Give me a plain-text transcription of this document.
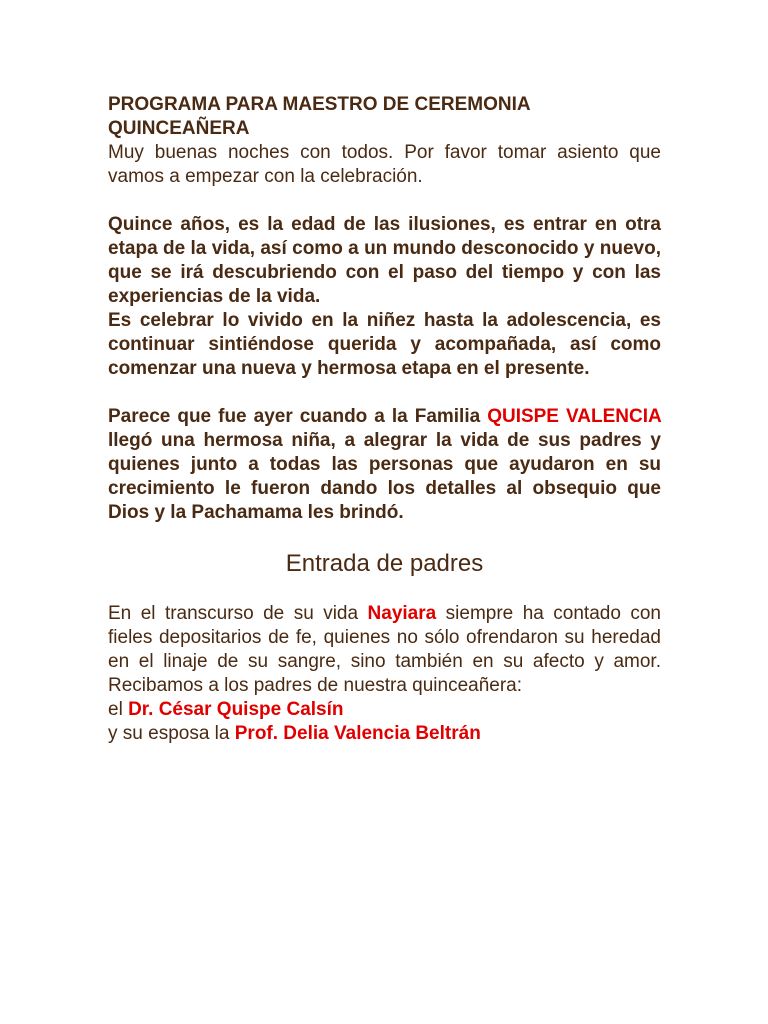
PROGRAMA PARA MAESTRO DE CEREMONIA
QUINCEAÑERA

Muy buenas noches con todos. Por favor tomar asiento que vamos a empezar con la celebración.

Quince años, es la edad de las ilusiones, es entrar en otra etapa de la vida, así como a un mundo desconocido y nuevo, que se irá descubriendo con el paso del tiempo y con las experiencias de la vida.

Es celebrar lo vivido en la niñez hasta la adolescencia, es continuar sintiéndose querida y acompañada, así como comenzar una nueva y hermosa etapa en el presente.

Parece que fue ayer cuando a la Familia QUISPE VALENCIA llegó una hermosa niña, a alegrar la vida de sus padres y quienes junto a todas las personas que ayudaron en su crecimiento le fueron dando los detalles al obsequio que Dios y la Pachamama les brindó.

Entrada de padres

En el transcurso de su vida Nayiara siempre ha contado con fieles depositarios de fe, quienes no sólo ofrendaron su heredad en el linaje de su sangre, sino también en su afecto y amor. Recibamos a los padres de nuestra quinceañera:

el Dr. César Quispe Calsín

y su esposa la Prof. Delia Valencia Beltrán
